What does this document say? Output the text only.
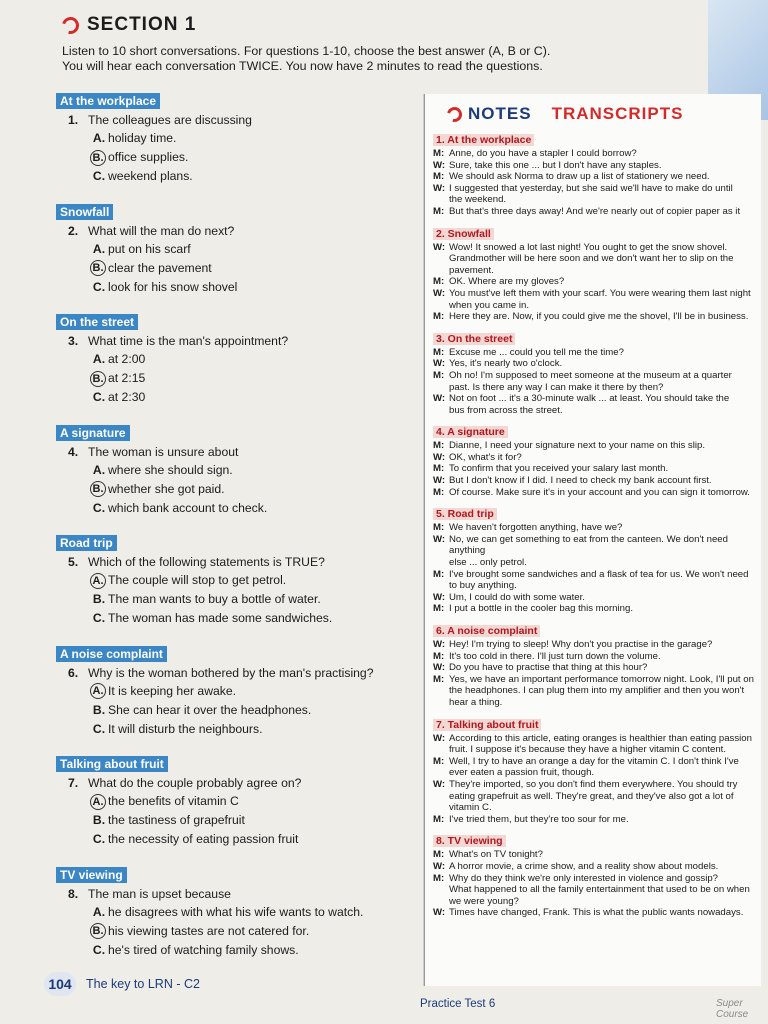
SECTION 1
Listen to 10 short conversations. For questions 1-10, choose the best answer (A, B or C).
You will hear each conversation TWICE. You now have 2 minutes to read the questions.
At the workplace
1. The colleagues are discussing
A. holiday time.
B. office supplies.
C. weekend plans.
Snowfall
2. What will the man do next?
A. put on his scarf
B. clear the pavement
C. look for his snow shovel
On the street
3. What time is the man's appointment?
A. at 2:00
B. at 2:15
C. at 2:30
A signature
4. The woman is unsure about
A. where she should sign.
B. whether she got paid.
C. which bank account to check.
Road trip
5. Which of the following statements is TRUE?
A. The couple will stop to get petrol.
B. The man wants to buy a bottle of water.
C. The woman has made some sandwiches.
A noise complaint
6. Why is the woman bothered by the man's practising?
A. It is keeping her awake.
B. She can hear it over the headphones.
C. It will disturb the neighbours.
Talking about fruit
7. What do the couple probably agree on?
A. the benefits of vitamin C
B. the tastiness of grapefruit
C. the necessity of eating passion fruit
TV viewing
8. The man is upset because
A. he disagrees with what his wife wants to watch.
B. his viewing tastes are not catered for.
C. he's tired of watching family shows.
NOTES TRANSCRIPTS
1. At the workplace
M: Anne, do you have a stapler I could borrow?
W: Sure, take this one ... but I don't have any staples.
M: We should ask Norma to draw up a list of stationery we need.
W: I suggested that yesterday, but she said we'll have to make do until
the weekend.
M: But that's three days away! And we're nearly out of copier paper as it
2. Snowfall
W: Wow! It snowed a lot last night! You ought to get the snow shovel.
Grandmother will be here soon and we don't want her to slip on the
pavement.
M: OK. Where are my gloves?
W: You must've left them with your scarf. You were wearing them last night
when you came in.
M: Here they are. Now, if you could give me the shovel, I'll be in business.
3. On the street
M: Excuse me ... could you tell me the time?
W: Yes, it's nearly two o'clock.
M: Oh no! I'm supposed to meet someone at the museum at a quarter
past. Is there any way I can make it there by then?
W: Not on foot ... it's a 30-minute walk ... at least. You should take the
bus from across the street.
4. A signature
M: Dianne, I need your signature next to your name on this slip.
W: OK, what's it for?
M: To confirm that you received your salary last month.
W: But I don't know if I did. I need to check my bank account first.
M: Of course. Make sure it's in your account and you can sign it tomorrow.
5. Road trip
M: We haven't forgotten anything, have we?
W: No, we can get something to eat from the canteen. We don't need anything
else ... only petrol.
M: I've brought some sandwiches and a flask of tea for us. We won't need
to buy anything.
W: Um, I could do with some water.
M: I put a bottle in the cooler bag this morning.
6. A noise complaint
W: Hey! I'm trying to sleep! Why don't you practise in the garage?
M: It's too cold in there. I'll just turn down the volume.
W: Do you have to practise that thing at this hour?
M: Yes, we have an important performance tomorrow night. Look, I'll put on
the headphones. I can plug them into my amplifier and then you won't
hear a thing.
7. Talking about fruit
W: According to this article, eating oranges is healthier than eating passion
fruit. I suppose it's because they have a higher vitamin C content.
M: Well, I try to have an orange a day for the vitamin C. I don't think I've
ever eaten a passion fruit, though.
W: They're imported, so you don't find them everywhere. You should try
eating grapefruit as well. They're great, and they've also got a lot of
vitamin C.
M: I've tried them, but they're too sour for me.
8. TV viewing
M: What's on TV tonight?
W: A horror movie, a crime show, and a reality show about models.
M: Why do they think we're only interested in violence and gossip?
What happened to all the family entertainment that used to be on when
we were young?
W: Times have changed, Frank. This is what the public wants nowadays.
104	The key to LRN - C2
Practice Test 6	Super Course
